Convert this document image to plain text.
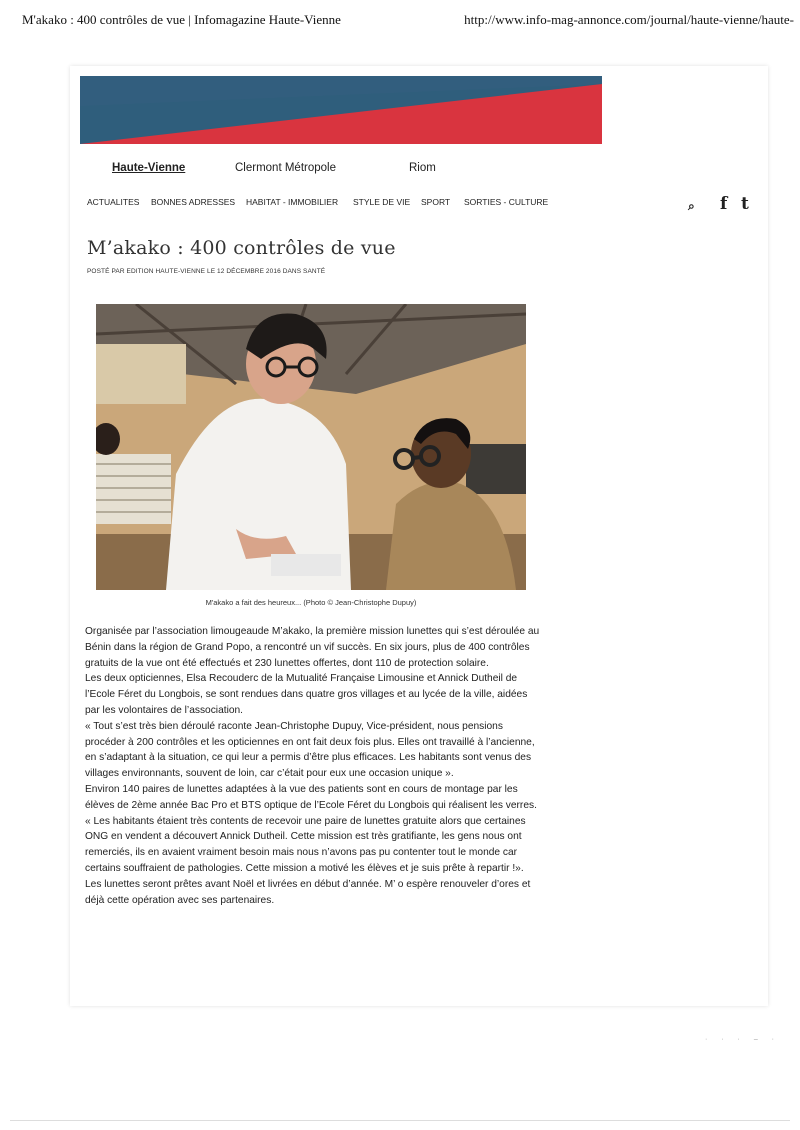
M'akako : 400 contrôles de vue | Infomagazine Haute-Vienne	http://www.info-mag-annonce.com/journal/haute-vienne/haute-
Haute-Vienne	Clermont Métropole	Riom
ACTUALITES BONNES ADRESSES HABITAT - IMMOBILIER STYLE DE VIE SPORT SORTIES - CULTURE	⌕ f t
M’akako : 400 contrôles de vue
POSTÉ PAR EDITION HAUTE-VIENNE LE 12 DÉCEMBRE 2016 DANS SANTÉ
M'akako a fait des heureux... (Photo © Jean-Christophe Dupuy)

Organisée par l’association limougeaude M’akako, la première mission lunettes qui s’est déroulée au Bénin dans la région de Grand Popo, a rencontré un vif succès. En six jours, plus de 400 contrôles gratuits de la vue ont été effectués et 230 lunettes offertes, dont 110 de protection solaire.

Les deux opticiennes, Elsa Recouderc de la Mutualité Française Limousine et Annick Dutheil de l’Ecole Féret du Longbois, se sont rendues dans quatre gros villages et au lycée de la ville, aidées par les volontaires de l’association.

« Tout s’est très bien déroulé raconte Jean-Christophe Dupuy, Vice-président, nous pensions procéder à 200 contrôles et les opticiennes en ont fait deux fois plus. Elles ont travaillé à l’ancienne, en s’adaptant à la situation, ce qui leur a permis d’être plus efficaces. Les habitants sont venus des villages environnants, souvent de loin, car c’était pour eux une occasion unique ».

Environ 140 paires de lunettes adaptées à la vue des patients sont en cours de montage par les élèves de 2ème année Bac Pro et BTS optique de l’Ecole Féret du Longbois qui réalisent les verres.

« Les habitants étaient très contents de recevoir une paire de lunettes gratuite alors que certaines ONG en vendent a découvert Annick Dutheil. Cette mission est très gratifiante, les gens nous ont remerciés, ils en avaient vraiment besoin mais nous n’avons pas pu contenter tout le monde car certains souffraient de pathologies. Cette mission a motivé les élèves et je suis prête à repartir !».

Les lunettes seront prêtes avant Noël et livrées en début d’année. M’ o espère renouveler d’ores et déjà cette opération avec ses partenaires.

· · · – ·
